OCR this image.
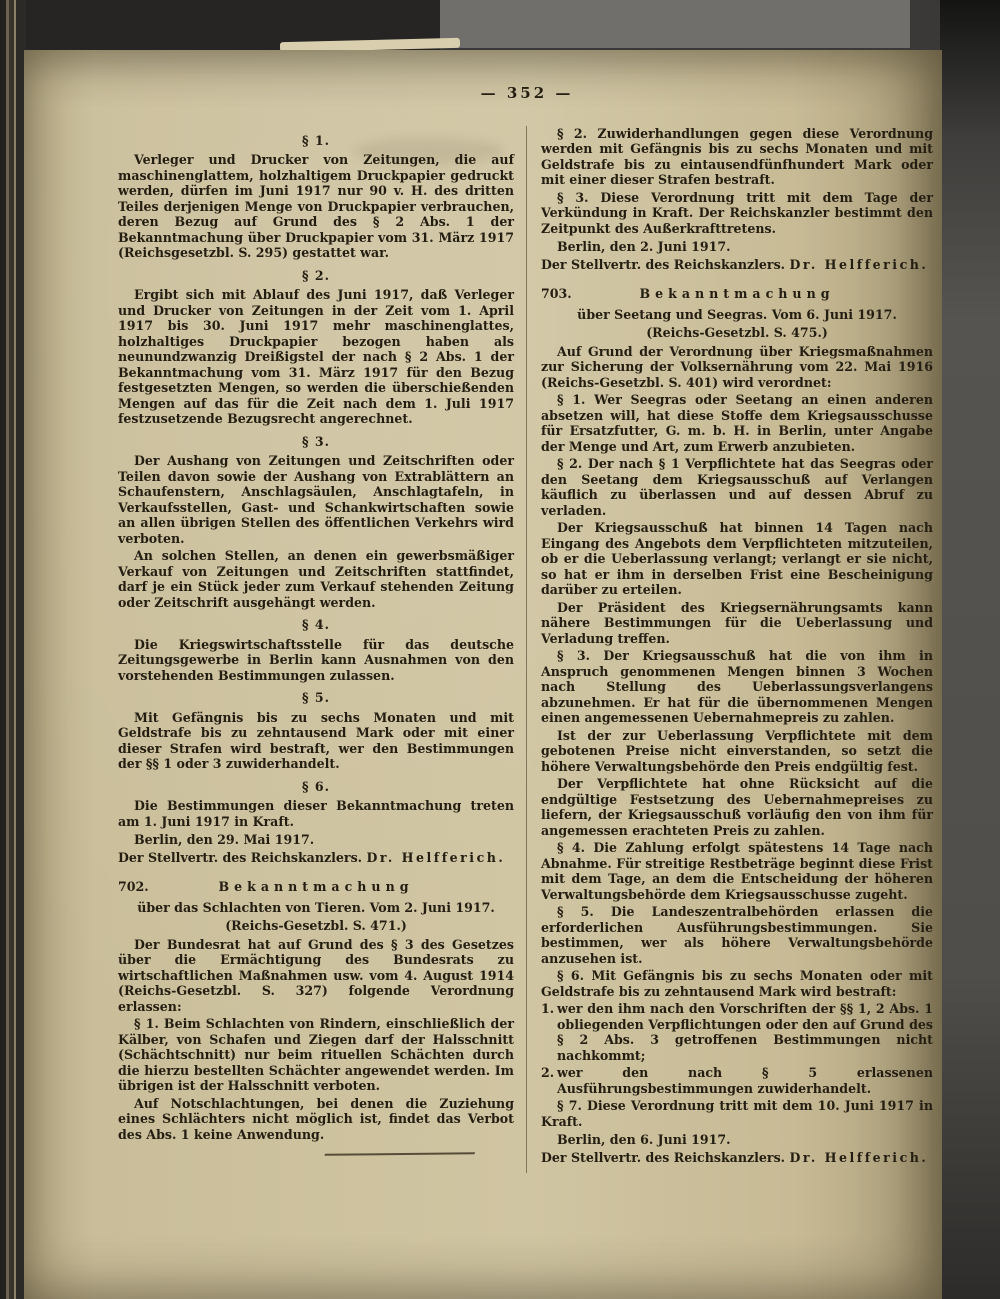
— 352 —
§ 1.
Verleger und Drucker von Zeitungen, die auf maschinenglattem, holzhaltigem Druckpapier gedruckt werden, dürfen im Juni 1917 nur 90 v. H. des dritten Teiles derjenigen Menge von Druckpapier verbrauchen, deren Bezug auf Grund des § 2 Abs. 1 der Bekanntmachung über Druckpapier vom 31. März 1917 (Reichsgesetzbl. S. 295) gestattet war.
§ 2.
Ergibt sich mit Ablauf des Juni 1917, daß Verleger und Drucker von Zeitungen in der Zeit vom 1. April 1917 bis 30. Juni 1917 mehr maschinenglattes, holzhaltiges Druckpapier bezogen haben als neunundzwanzig Dreißigstel der nach § 2 Abs. 1 der Bekanntmachung vom 31. März 1917 für den Bezug festgesetzten Mengen, so werden die überschießenden Mengen auf das für die Zeit nach dem 1. Juli 1917 festzusetzende Bezugsrecht angerechnet.
§ 3.
Der Aushang von Zeitungen und Zeitschriften oder Teilen davon sowie der Aushang von Extrablättern an Schaufenstern, Anschlagsäulen, Anschlagtafeln, in Verkaufsstellen, Gast- und Schankwirtschaften sowie an allen übrigen Stellen des öffentlichen Verkehrs wird verboten.
An solchen Stellen, an denen ein gewerbsmäßiger Verkauf von Zeitungen und Zeitschriften stattfindet, darf je ein Stück jeder zum Verkauf stehenden Zeitung oder Zeitschrift ausgehängt werden.
§ 4.
Die Kriegswirtschaftsstelle für das deutsche Zeitungsgewerbe in Berlin kann Ausnahmen von den vorstehenden Bestimmungen zulassen.
§ 5.
Mit Gefängnis bis zu sechs Monaten und mit Geldstrafe bis zu zehntausend Mark oder mit einer dieser Strafen wird bestraft, wer den Bestimmungen der §§ 1 oder 3 zuwiderhandelt.
§ 6.
Die Bestimmungen dieser Bekanntmachung treten am 1. Juni 1917 in Kraft.
Berlin, den 29. Mai 1917.
Der Stellvertr. des Reichskanzlers. Dr. Helfferich.
702.	Bekanntmachung
über das Schlachten von Tieren. Vom 2. Juni 1917.
(Reichs-Gesetzbl. S. 471.)
Der Bundesrat hat auf Grund des § 3 des Gesetzes über die Ermächtigung des Bundesrats zu wirtschaftlichen Maßnahmen usw. vom 4. August 1914 (Reichs-Gesetzbl. S. 327) folgende Verordnung erlassen:
§ 1. Beim Schlachten von Rindern, einschließlich der Kälber, von Schafen und Ziegen darf der Halsschnitt (Schächtschnitt) nur beim rituellen Schächten durch die hierzu bestellten Schächter angewendet werden. Im übrigen ist der Halsschnitt verboten.
Auf Notschlachtungen, bei denen die Zuziehung eines Schlächters nicht möglich ist, findet das Verbot des Abs. 1 keine Anwendung.
§ 2. Zuwiderhandlungen gegen diese Verordnung werden mit Gefängnis bis zu sechs Monaten und mit Geldstrafe bis zu eintausendfünfhundert Mark oder mit einer dieser Strafen bestraft.
§ 3. Diese Verordnung tritt mit dem Tage der Verkündung in Kraft. Der Reichskanzler bestimmt den Zeitpunkt des Außerkrafttretens.
Berlin, den 2. Juni 1917.
Der Stellvertr. des Reichskanzlers. Dr. Helfferich.
703.	Bekanntmachung
über Seetang und Seegras. Vom 6. Juni 1917.
(Reichs-Gesetzbl. S. 475.)
Auf Grund der Verordnung über Kriegsmaßnahmen zur Sicherung der Volksernährung vom 22. Mai 1916 (Reichs-Gesetzbl. S. 401) wird verordnet:
§ 1. Wer Seegras oder Seetang an einen anderen absetzen will, hat diese Stoffe dem Kriegsausschusse für Ersatzfutter, G. m. b. H. in Berlin, unter Angabe der Menge und Art, zum Erwerb anzubieten.
§ 2. Der nach § 1 Verpflichtete hat das Seegras oder den Seetang dem Kriegsausschuß auf Verlangen käuflich zu überlassen und auf dessen Abruf zu verladen.
Der Kriegsausschuß hat binnen 14 Tagen nach Eingang des Angebots dem Verpflichteten mitzuteilen, ob er die Ueberlassung verlangt; verlangt er sie nicht, so hat er ihm in derselben Frist eine Bescheinigung darüber zu erteilen.
Der Präsident des Kriegsernährungsamts kann nähere Bestimmungen für die Ueberlassung und Verladung treffen.
§ 3. Der Kriegsausschuß hat die von ihm in Anspruch genommenen Mengen binnen 3 Wochen nach Stellung des Ueberlassungsverlangens abzunehmen. Er hat für die übernommenen Mengen einen angemessenen Uebernahmepreis zu zahlen.
Ist der zur Ueberlassung Verpflichtete mit dem gebotenen Preise nicht einverstanden, so setzt die höhere Verwaltungsbehörde den Preis endgültig fest.
Der Verpflichtete hat ohne Rücksicht auf die endgültige Festsetzung des Uebernahmepreises zu liefern, der Kriegsausschuß vorläufig den von ihm für angemessen erachteten Preis zu zahlen.
§ 4. Die Zahlung erfolgt spätestens 14 Tage nach Abnahme. Für streitige Restbeträge beginnt diese Frist mit dem Tage, an dem die Entscheidung der höheren Verwaltungsbehörde dem Kriegsausschusse zugeht.
§ 5. Die Landeszentralbehörden erlassen die erforderlichen Ausführungsbestimmungen. Sie bestimmen, wer als höhere Verwaltungsbehörde anzusehen ist.
§ 6. Mit Gefängnis bis zu sechs Monaten oder mit Geldstrafe bis zu zehntausend Mark wird bestraft:
1. wer den ihm nach den Vorschriften der §§ 1, 2 Abs. 1 obliegenden Verpflichtungen oder den auf Grund des § 2 Abs. 3 getroffenen Bestimmungen nicht nachkommt;
2. wer den nach § 5 erlassenen Ausführungsbestimmungen zuwiderhandelt.
§ 7. Diese Verordnung tritt mit dem 10. Juni 1917 in Kraft.
Berlin, den 6. Juni 1917.
Der Stellvertr. des Reichskanzlers. Dr. Helfferich.
